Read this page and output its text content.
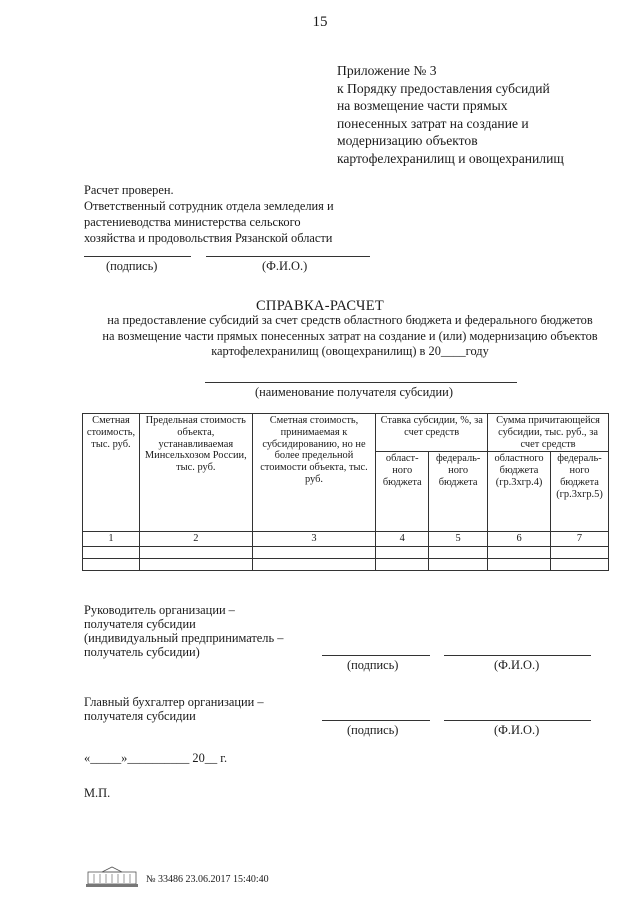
15
Приложение № 3
к Порядку предоставления субсидий
на возмещение части прямых
понесенных затрат на создание и
модернизацию объектов
картофелехранилищ и овощехранилищ
Расчет проверен.
Ответственный сотрудник отдела земледелия и
растениеводства министерства сельского
хозяйства и продовольствия Рязанской области
(подпись)	(Ф.И.О.)
СПРАВКА-РАСЧЕТ
на предоставление субсидий за счет средств областного бюджета и федерального бюджетов
на возмещение части прямых понесенных затрат на создание и (или) модернизацию объектов
картофелехранилищ (овощехранилищ) в 20____году
(наименование получателя субсидии)
Сметная стоимость, тыс. руб.	Предельная стоимость объекта, устанавливаемая Минсельхозом России, тыс. руб.	Сметная стоимость, принимаемая к субсидированию, но не более предельной стоимости объекта, тыс. руб.	Ставка субсидии, %, за счет средств		Сумма причитающейся субсидии, тыс. руб., за счет средств	
			област-ного бюджета	федераль-ного бюджета	областного бюджета (гр.3хгр.4)	федераль-ного бюджета (гр.3хгр.5)
1	2	3	4	5	6	7

Руководитель организации –
получателя субсидии
(индивидуальный предприниматель –
получатель субсидии)
(подпись)	(Ф.И.О.)
Главный бухгалтер организации –
получателя субсидии
(подпись)	(Ф.И.О.)
«_____»__________ 20__ г.
М.П.
№ 33486 23.06.2017 15:40:40
